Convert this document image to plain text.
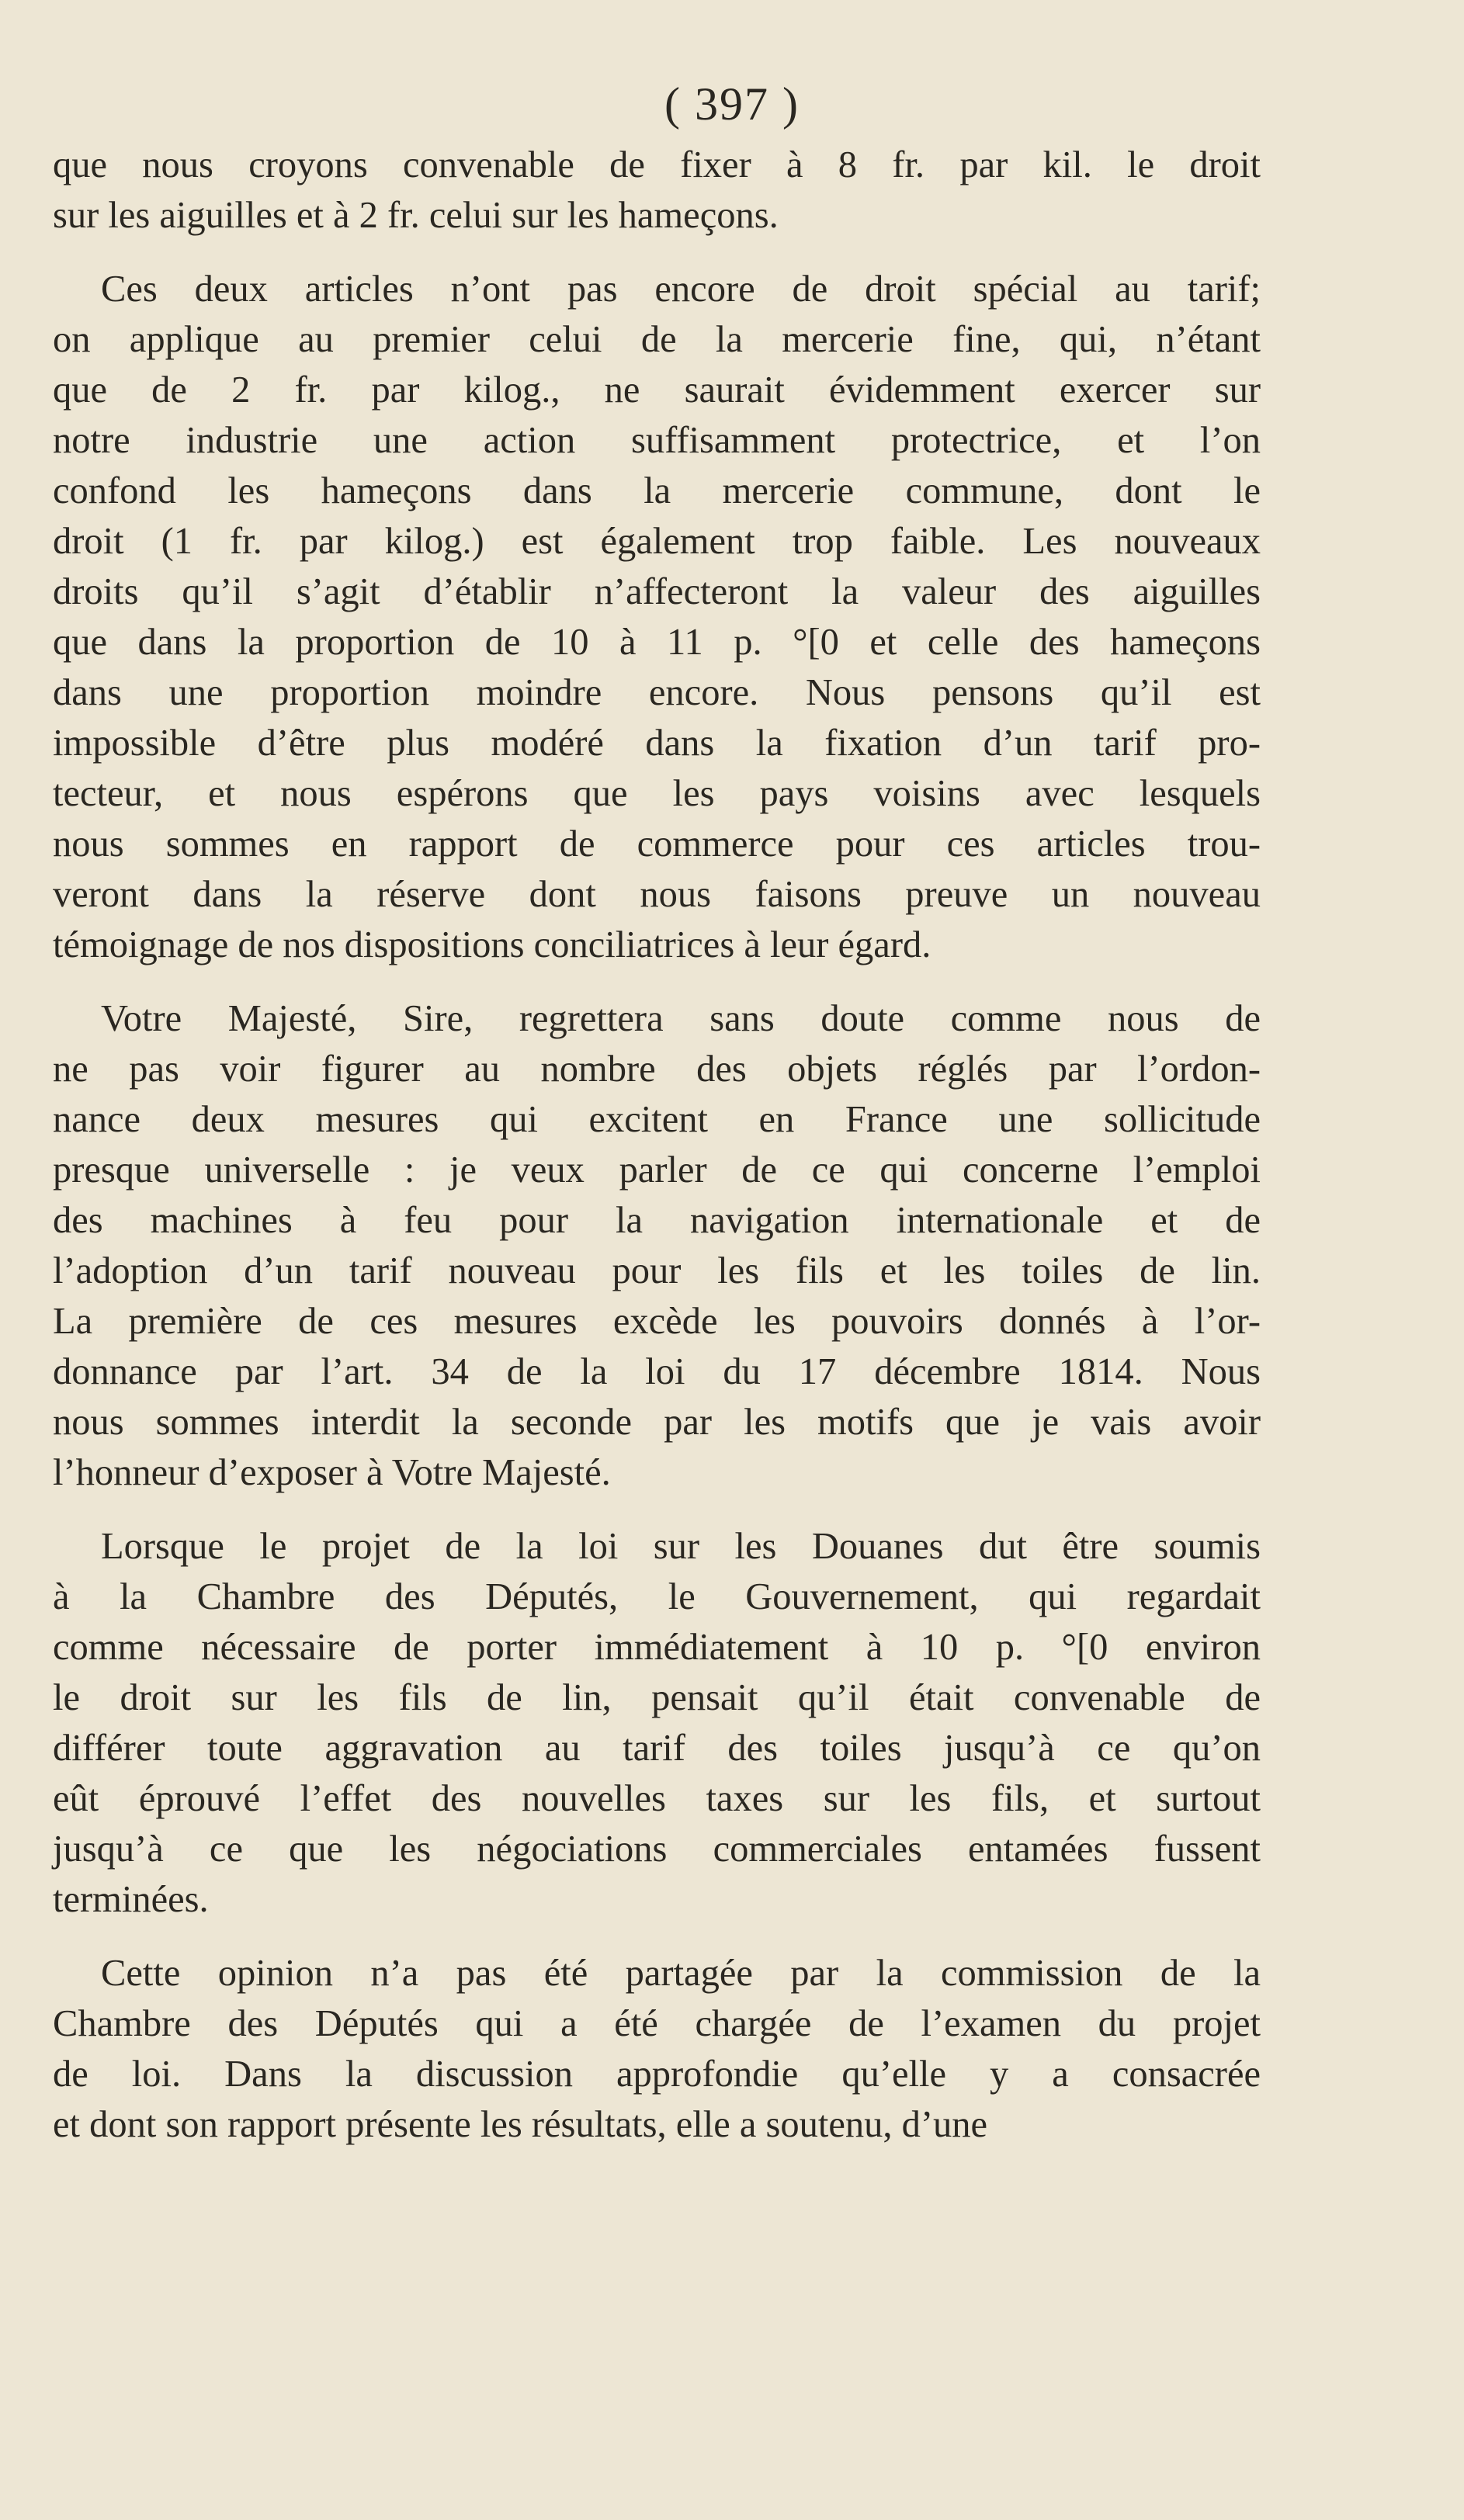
( 397 )
que nous croyons convenable de fixer à 8 fr. par kil. le droit
sur les aiguilles et à 2 fr. celui sur les hameçons.
Ces deux articles n’ont pas encore de droit spécial au tarif;
on applique au premier celui de la mercerie fine, qui, n’étant
que de 2 fr. par kilog., ne saurait évidemment exercer sur
notre industrie une action suffisamment protectrice, et l’on
confond les hameçons dans la mercerie commune, dont le
droit (1 fr. par kilog.) est également trop faible. Les nouveaux
droits qu’il s’agit d’établir n’affecteront la valeur des aiguilles
que dans la proportion de 10 à 11 p. °[0 et celle des hameçons
dans une proportion moindre encore. Nous pensons qu’il est
impossible d’être plus modéré dans la fixation d’un tarif pro-
tecteur, et nous espérons que les pays voisins avec lesquels
nous sommes en rapport de commerce pour ces articles trou-
veront dans la réserve dont nous faisons preuve un nouveau
témoignage de nos dispositions conciliatrices à leur égard.
Votre Majesté, Sire, regrettera sans doute comme nous de
ne pas voir figurer au nombre des objets réglés par l’ordon-
nance deux mesures qui excitent en France une sollicitude
presque universelle : je veux parler de ce qui concerne l’emploi
des machines à feu pour la navigation internationale et de
l’adoption d’un tarif nouveau pour les fils et les toiles de lin.
La première de ces mesures excède les pouvoirs donnés à l’or-
donnance par l’art. 34 de la loi du 17 décembre 1814. Nous
nous sommes interdit la seconde par les motifs que je vais avoir
l’honneur d’exposer à Votre Majesté.
Lorsque le projet de la loi sur les Douanes dut être soumis
à la Chambre des Députés, le Gouvernement, qui regardait
comme nécessaire de porter immédiatement à 10 p. °[0 environ
le droit sur les fils de lin, pensait qu’il était convenable de
différer toute aggravation au tarif des toiles jusqu’à ce qu’on
eût éprouvé l’effet des nouvelles taxes sur les fils, et surtout
jusqu’à ce que les négociations commerciales entamées fussent
terminées.
Cette opinion n’a pas été partagée par la commission de la
Chambre des Députés qui a été chargée de l’examen du projet
de loi. Dans la discussion approfondie qu’elle y a consacrée
et dont son rapport présente les résultats, elle a soutenu, d’une
